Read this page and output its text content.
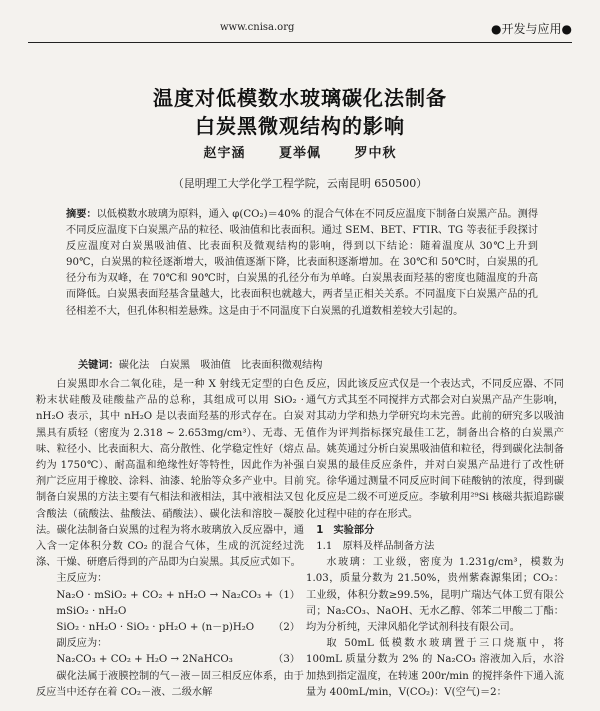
www.cnisa.org	●开发与应用●
温度对低模数水玻璃碳化法制备
白炭黑微观结构的影响
赵宇涵	夏举佩	罗中秋
（昆明理工大学化学工程学院，云南昆明 650500）
摘要：以低模数水玻璃为原料，通入 φ(CO₂)＝40% 的混合气体在不同反应温度下制备白炭黑产品。测得不同反应温度下白炭黑产品的粒径、吸油值和比表面积。通过 SEM、BET、FTIR、TG 等表征手段探讨反应温度对白炭黑吸油值、比表面积及微观结构的影响，得到以下结论：随着温度从 30℃上升到 90℃，白炭黑的粒径逐渐增大，吸油值逐渐下降，比表面积逐渐增加。在 30℃和 50℃时，白炭黑的孔径分布为双峰，在 70℃和 90℃时，白炭黑的孔径分布为单峰。白炭黑表面羟基的密度也随温度的升高而降低。白炭黑表面羟基含量越大，比表面积也就越大，两者呈正相关关系。不同温度下白炭黑产品的孔径相差不大，但孔体积相差悬殊。这是由于不同温度下白炭黑的孔道数相差较大引起的。
关键词：碳化法　白炭黑　吸油值　比表面积微观结构

白炭黑即水合二氧化硅，是一种 X 射线无定型的白色粉末状硅酸及硅酸盐产品的总称，其组成可以用 SiO₂ · nH₂O 表示，其中 nH₂O 是以表面羟基的形式存在。白炭黑具有质轻（密度为 2.318 ~ 2.653mg/cm³）、无毒、无味、粒径小、比表面积大、高分散性、化学稳定性好（熔点约为 1750℃）、耐高温和绝缘性好等特性，因此作为补强剂广泛应用于橡胶、涂料、油漆、轮胎等众多产业中。目前制备白炭黑的方法主要有气相法和液相法，其中液相法又包含酸法（硫酸法、盐酸法、硝酸法）、碳化法和溶胶－凝胶法。碳化法制备白炭黑的过程为将水玻璃放入反应器中，通入含一定体积分数 CO₂ 的混合气体，生成的沉淀经过洗涤、干燥、研磨后得到的产品即为白炭黑。其反应式如下。

主反应为：

Na₂O · mSiO₂ + CO₂ + nH₂O → Na₂CO₃ + mSiO₂ · nH₂O
（1）

SiO₂ · nH₂O · SiO₂ · pH₂O + (n－p)H₂O （2）

副反应为：

Na₂CO₃ + CO₂ + H₂O → 2NaHCO₃	（3）

碳化法属于液膜控制的气－液－固三相反应体系，由于反应当中还存在着 CO₂－液、二级水解

反应，因此该反应式仅是一个表达式，不同反应器、不同通气方式其至不同搅拌方式都会对白炭黑产品产生影响，对其动力学和热力学研究均未完善。此前的研究多以吸油值作为评判指标探究最佳工艺，制备出合格的白炭黑产品。姚英通过分析白炭黑吸油值和粒径，得到碳化法制备白炭黑的最佳反应条件，并对白炭黑产品进行了改性研究。徐华通过测量不同反应时间下硅酸钠的浓度，得到碳化反应是二级不可逆反应。李敏利用²⁹Si 核磁共振追踪碳化过程中硅的存在形式。

1　实验部分

1.1　原料及样品制备方法

水玻璃：工业级，密度为 1.231g/cm³，模数为 1.03，质量分数为 21.50%，贵州紫森源集团；CO₂：工业级，体积分数≥99.5%，昆明广瑞达气体工贸有限公司；Na₂CO₃、NaOH、无水乙醇、邻苯二甲酸二丁酯：均为分析纯，天津风船化学试剂科技有限公司。

取 50mL 低模数水玻璃置于三口烧瓶中，将 100mL 质量分数为 2% 的 Na₂CO₃ 溶液加入后，水浴加热到指定温度，在转速 200r/min 的搅拌条件下通入流量为 400mL/min，V(CO₂)：V(空气)＝2：
